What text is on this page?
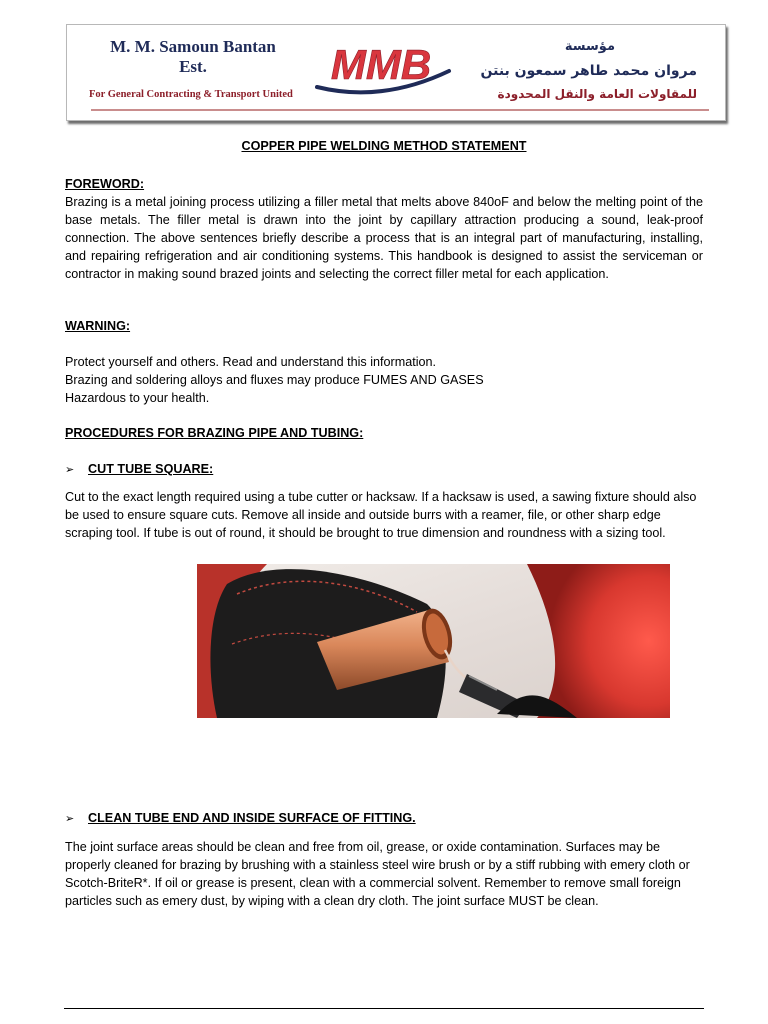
M. M. Samoun Bantan
Est.
For General Contracting & Transport United
MMB	مؤسسة
مروان محمد طاهر سمعون بنتن
للمقاولات العامة والنقل المحدودة
COPPER PIPE WELDING METHOD STATEMENT
FOREWORD:
Brazing is a metal joining process utilizing a filler metal that melts above 840oF and below the melting point of the base metals. The filler metal is drawn into the joint by capillary attraction producing a sound, leak-proof connection. The above sentences briefly describe a process that is an integral part of manufacturing, installing, and repairing refrigeration and air conditioning systems. This handbook is designed to assist the serviceman or contractor in making sound brazed joints and selecting the correct filler metal for each application.
WARNING:
Protect yourself and others. Read and understand this information.
Brazing and soldering alloys and fluxes may produce FUMES AND GASES
Hazardous to your health.
PROCEDURES FOR BRAZING PIPE AND TUBING:
➢ CUT TUBE SQUARE:
Cut to the exact length required using a tube cutter or hacksaw. If a hacksaw is used, a sawing fixture should also be used to ensure square cuts. Remove all inside and outside burrs with a reamer, file, or other sharp edge scraping tool. If tube is out of round, it should be brought to true dimension and roundness with a sizing tool.
➢ CLEAN TUBE END AND INSIDE SURFACE OF FITTING.
The joint surface areas should be clean and free from oil, grease, or oxide contamination. Surfaces may be properly cleaned for brazing by brushing with a stainless steel wire brush or by a stiff rubbing with emery cloth or Scotch-BriteR*. If oil or grease is present, clean with a commercial solvent. Remember to remove small foreign particles such as emery dust, by wiping with a clean dry cloth. The joint surface MUST be clean.
